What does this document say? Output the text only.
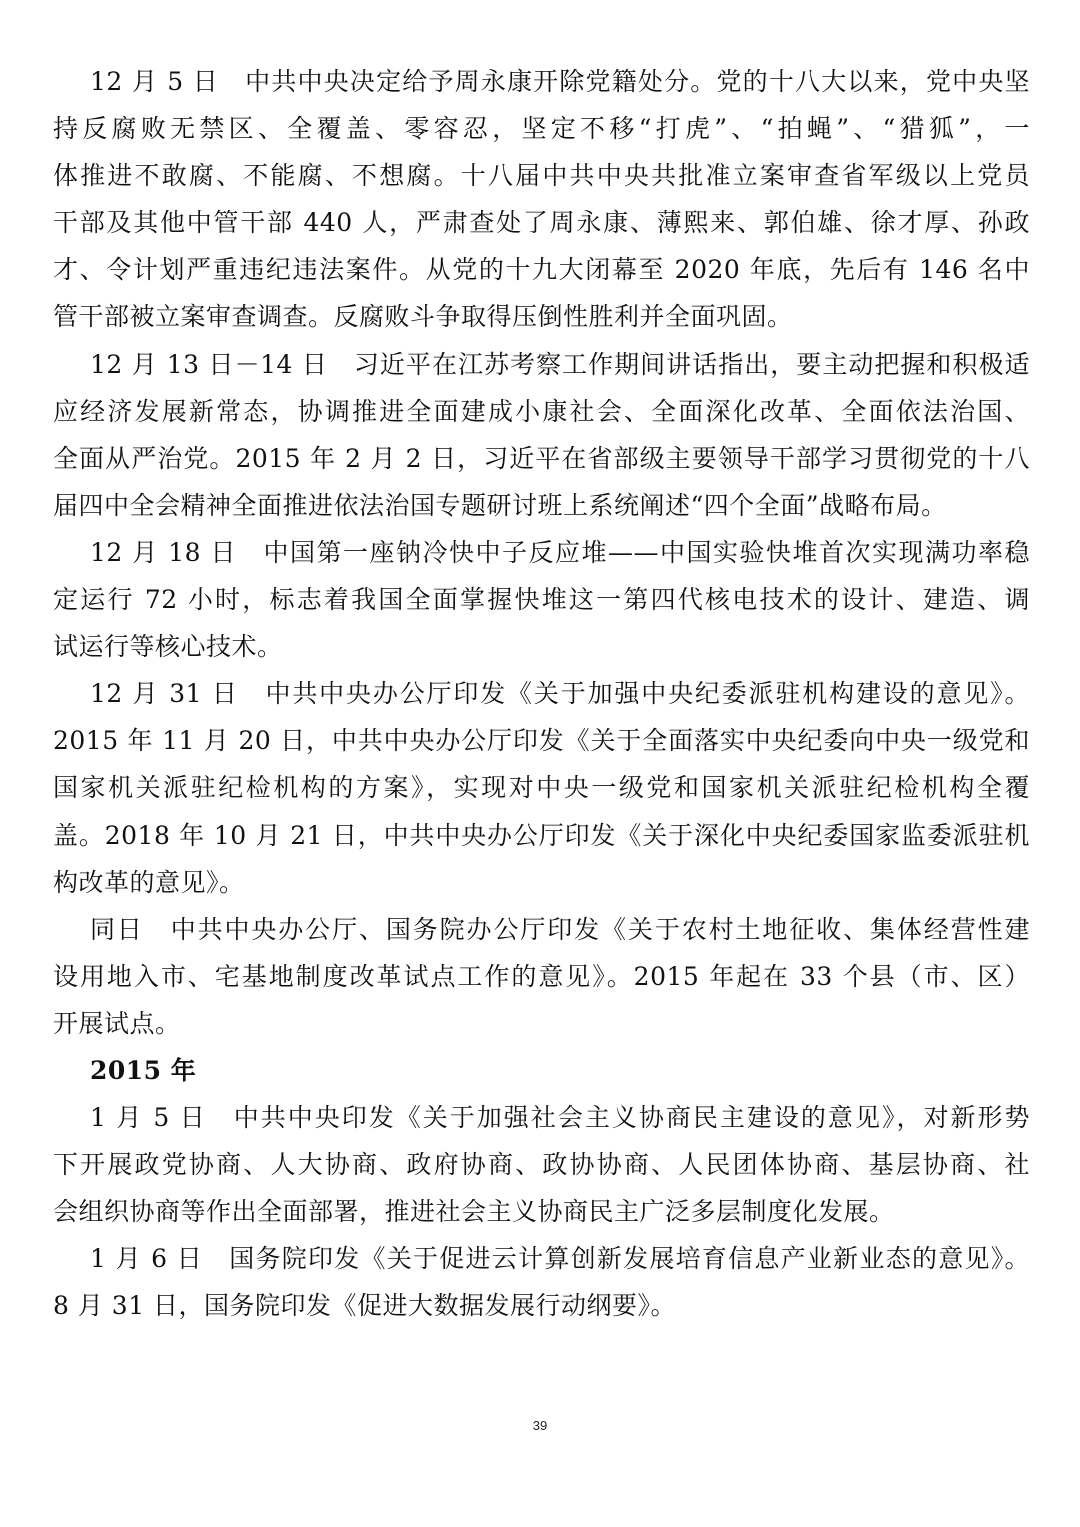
12 月 5 日　中共中央决定给予周永康开除党籍处分。党的十八大以来，党中央坚
持反腐败无禁区、全覆盖、零容忍，坚定不移“打虎”、“拍蝇”、“猎狐”，一
体推进不敢腐、不能腐、不想腐。十八届中共中央共批准立案审查省军级以上党员
干部及其他中管干部 440 人，严肃查处了周永康、薄熙来、郭伯雄、徐才厚、孙政
才、令计划严重违纪违法案件。从党的十九大闭幕至 2020 年底，先后有 146 名中
管干部被立案审查调查。反腐败斗争取得压倒性胜利并全面巩固。
12 月 13 日－14 日　习近平在江苏考察工作期间讲话指出，要主动把握和积极适
应经济发展新常态，协调推进全面建成小康社会、全面深化改革、全面依法治国、
全面从严治党。2015 年 2 月 2 日，习近平在省部级主要领导干部学习贯彻党的十八
届四中全会精神全面推进依法治国专题研讨班上系统阐述“四个全面”战略布局。
12 月 18 日　中国第一座钠冷快中子反应堆——中国实验快堆首次实现满功率稳
定运行 72 小时，标志着我国全面掌握快堆这一第四代核电技术的设计、建造、调
试运行等核心技术。
12 月 31 日　中共中央办公厅印发《关于加强中央纪委派驻机构建设的意见》。
2015 年 11 月 20 日，中共中央办公厅印发《关于全面落实中央纪委向中央一级党和
国家机关派驻纪检机构的方案》，实现对中央一级党和国家机关派驻纪检机构全覆
盖。2018 年 10 月 21 日，中共中央办公厅印发《关于深化中央纪委国家监委派驻机
构改革的意见》。
同日　中共中央办公厅、国务院办公厅印发《关于农村土地征收、集体经营性建
设用地入市、宅基地制度改革试点工作的意见》。2015 年起在 33 个县（市、区）
开展试点。
2015 年
1 月 5 日　中共中央印发《关于加强社会主义协商民主建设的意见》，对新形势
下开展政党协商、人大协商、政府协商、政协协商、人民团体协商、基层协商、社
会组织协商等作出全面部署，推进社会主义协商民主广泛多层制度化发展。
1 月 6 日　国务院印发《关于促进云计算创新发展培育信息产业新业态的意见》。
8 月 31 日，国务院印发《促进大数据发展行动纲要》。
39
